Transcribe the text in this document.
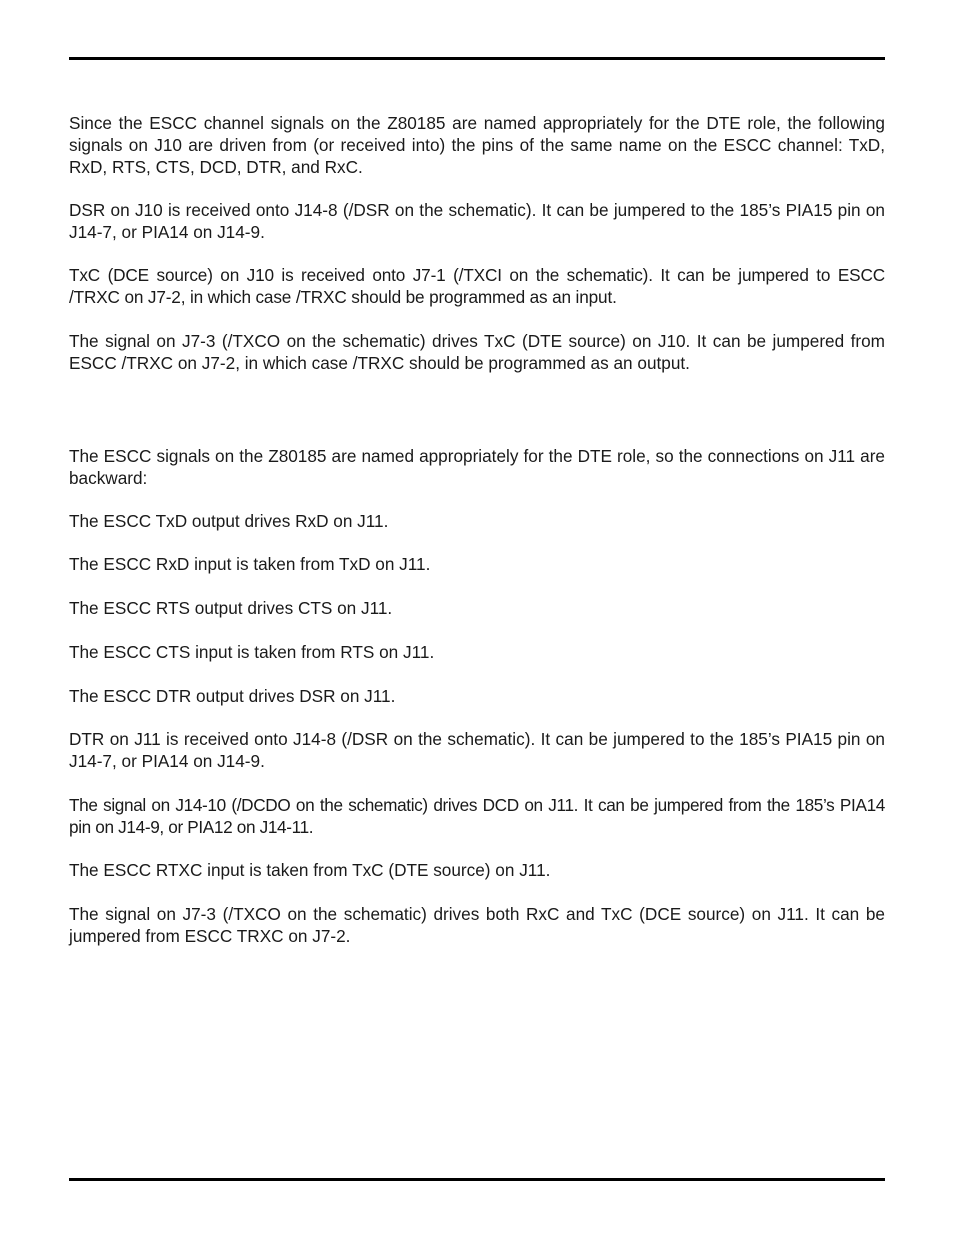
Since the ESCC channel signals on the Z80185 are named appropriately for the DTE role, the following signals on J10 are driven from (or received into) the pins of the same name on the ESCC channel: TxD, RxD, RTS, CTS, DCD, DTR, and RxC.

DSR on J10 is received onto J14-8 (/DSR on the schematic). It can be jumpered to the 185’s PIA15 pin on J14-7, or PIA14 on J14-9.

TxC (DCE source) on J10 is received onto J7-1 (/TXCI on the schematic). It can be jumpered to ESCC /TRXC on J7-2, in which case /TRXC should be programmed as an input.

The signal on J7-3 (/TXCO on the schematic) drives TxC (DTE source) on J10. It can be jumpered from ESCC /TRXC on J7-2, in which case /TRXC should be programmed as an output.

The ESCC signals on the Z80185 are named appropriately for the DTE role, so the connections on J11 are backward:

The ESCC TxD output drives RxD on J11.

The ESCC RxD input is taken from TxD on J11.

The ESCC RTS output drives CTS on J11.

The ESCC CTS input is taken from RTS on J11.

The ESCC DTR output drives DSR on J11.

DTR on J11 is received onto J14-8 (/DSR on the schematic). It can be jumpered to the 185’s PIA15 pin on J14-7, or PIA14 on J14-9.

The signal on J14-10 (/DCDO on the schematic) drives DCD on J11. It can be jumpered from the 185’s PIA14 pin on J14-9, or PIA12 on J14-11.

The ESCC RTXC input is taken from TxC (DTE source) on J11.

The signal on J7-3 (/TXCO on the schematic) drives both RxC and TxC (DCE source) on J11. It can be jumpered from ESCC TRXC on J7-2.
